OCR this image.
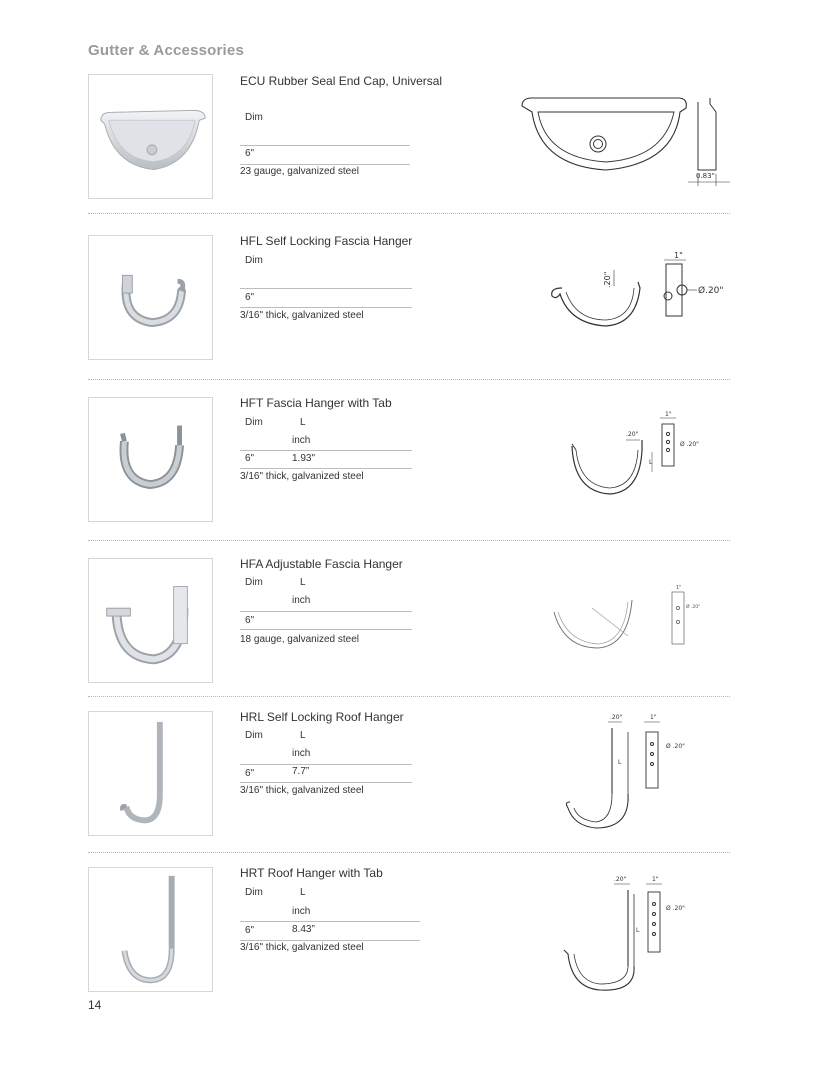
Gutter & Accessories
ECU Rubber Seal End Cap, Universal
Dim
6"
23 gauge, galvanized steel	0.83"
HFL Self Locking Fascia Hanger
Dim
6"
3/16" thick, galvanized steel
.20"
1"
Ø.20"
HFT Fascia Hanger with Tab
Dim	L
inch
6"	1.93"
3/16" thick, galvanized steel
L
.20"
1"
Ø .20"
HFA Adjustable Fascia Hanger
Dim	L
inch
6"
18 gauge, galvanized steel
1"
Ø .20"
HRL Self Locking Roof Hanger
Dim	L
inch
6"	7.7”
3/16" thick, galvanized steel
.20"
L
1"
Ø .20"
HRT Roof Hanger with Tab
Dim	L
inch
6"	8.43”
3/16" thick, galvanized steel
.20"
L
1"
Ø .20"
14
